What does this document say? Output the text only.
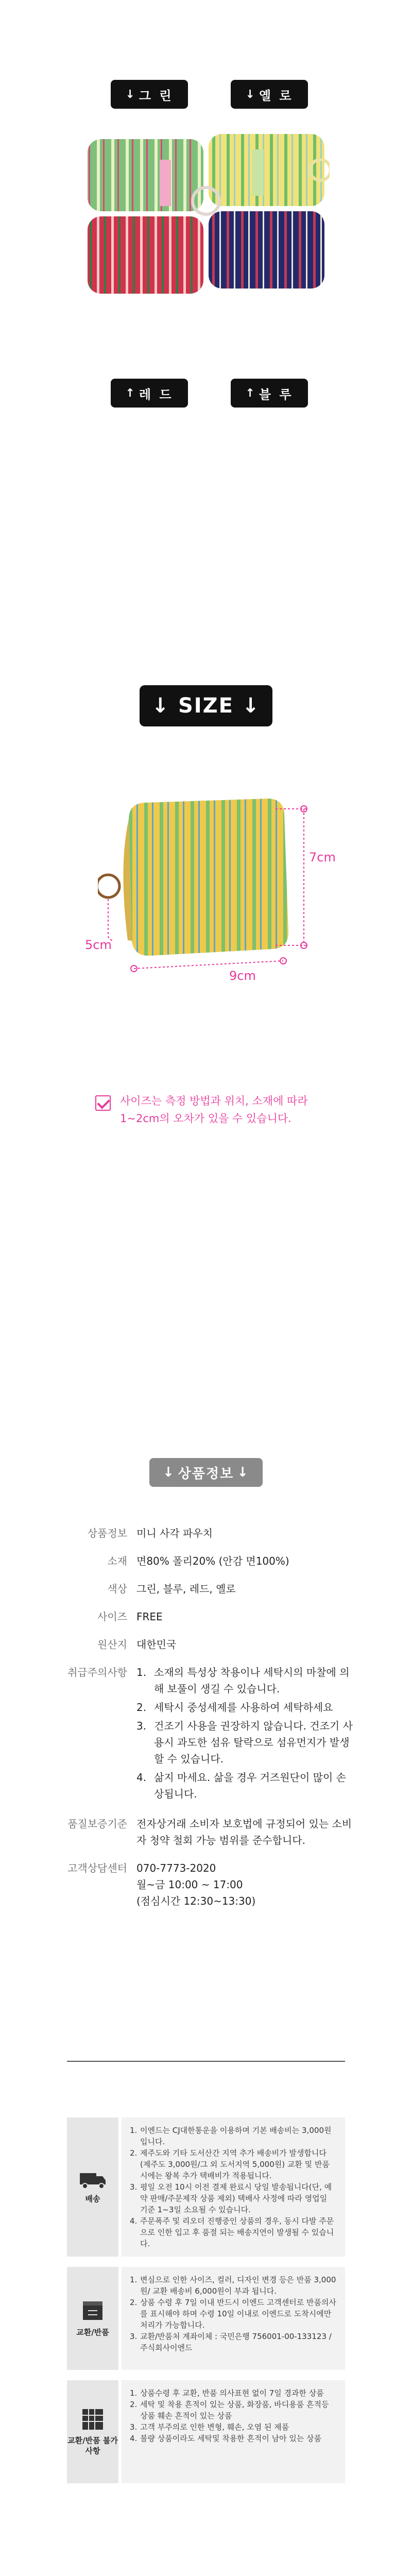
↓ 그 린	↓ 옐 로
↑ 레 드	↑ 블 루
↓ SIZE ↓
7cm
5cm
9cm

사이즈는 측정 방법과 위치, 소재에 따라 1~2cm의 오차가 있을 수 있습니다.

↓ 상품정보 ↓
상품정보 미니 사각 파우치
소재 면80% 폴리20% (안감 면100%)
색상 그린, 블루, 레드, 옐로
사이즈 FREE
원산지 대한민국
취급주의사항 1. 소재의 특성상 착용이나 세탁시의 마찰에 의해 보풀이 생길 수 있습니다.
2. 세탁시 중성세제를 사용하여 세탁하세요
3. 건조기 사용을 권장하지 않습니다. 건조기 사용시 과도한 섬유 탈락으로 섬유먼지가 발생할 수 있습니다.
4. 삶지 마세요. 삶을 경우 거즈원단이 많이 손상됩니다.
품질보증기준 전자상거래 소비자 보호법에 규정되어 있는 소비자 청약 철회 가능 범위를 준수합니다.
고객상담센터 070-7773-2020
월~금 10:00 ~ 17:00
(점심시간 12:30~13:30)
배송
1. 이엔드는 CJ대한통운을 이용하며 기본 배송비는 3,000원입니다.
2. 제주도와 기타 도서산간 지역 추가 배송비가 발생합니다 (제주도 3,000원/그 외 도서지역 5,000원) 교환 및 반품시에는 왕복 추가 택배비가 적용됩니다.
3. 평일 오전 10시 이전 결제 완료시 당일 발송됩니다(단, 예약 판매/주문제작 상품 제외) 택배사 사정에 따라 영업일 기준 1~3일 소요될 수 있습니다.
4. 주문폭주 및 리오더 진행중인 상품의 경우, 동시 다발 주문으로 인한 입고 후 품절 되는 배송지연이 발생될 수 있습니다.
교환/반품
1. 변심으로 인한 사이즈, 컬러, 디자인 변경 등은 반품 3,000원/ 교환 배송비 6,000원이 부과 됩니다.
2. 상품 수령 후 7일 이내 반드시 이엔드 고객센터로 반품의사를 표시해야 하며 수령 10일 이내로 이엔드로 도착시에만 처리가 가능합니다.
3. 교환/반품처 계좌이체 : 국민은행 756001-00-133123 / 주식회사이엔드
교환/반품 불가사항
1. 상품수령 후 교환, 반품 의사표현 없이 7일 경과한 상품
2. 세탁 및 착용 흔적이 있는 상품, 화장품, 바디용품 흔적등 상품 훼손 흔적이 있는 상품
3. 고객 부주의로 인한 변형, 훼손, 오염 된 제품
4. 불량 상품이라도 세탁및 착용한 흔적이 남아 있는 상품
